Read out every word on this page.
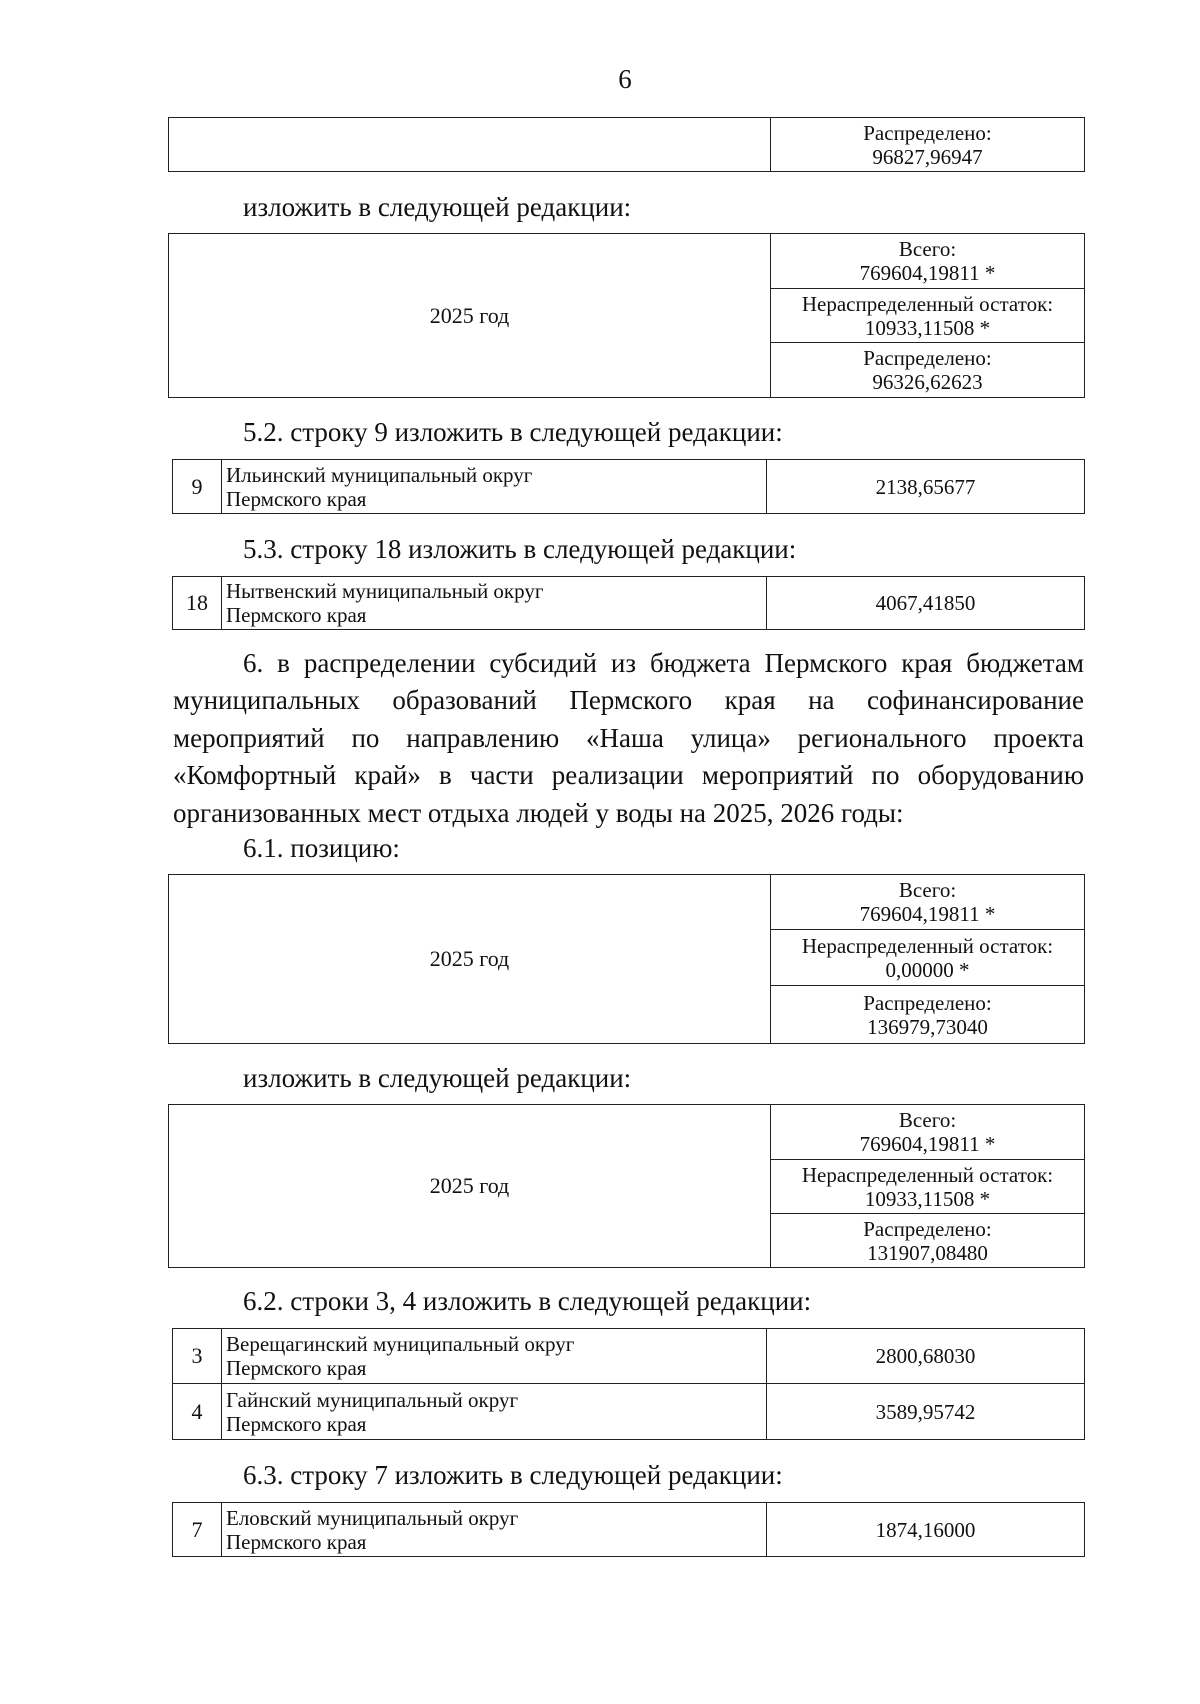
6

Распределено:
96827,96947
изложить в следующей редакции:
2025 год	
Всего:
769604,19811 *

Нераспределенный остаток:
10933,11508 *

Распределено:
96326,62623
5.2. строку 9 изложить в следующей редакции:
9	Ильинский муниципальный округ
Пермского края	2138,65677
5.3. строку 18 изложить в следующей редакции:
18	Нытвенский муниципальный округ
Пермского края	4067,41850
6. в распределении субсидий из бюджета Пермского края бюджетам
муниципальных образований Пермского края на софинансирование
мероприятий по направлению «Наша улица» регионального проекта
«Комфортный край» в части реализации мероприятий по оборудованию
организованных мест отдыха людей у воды на 2025, 2026 годы:
6.1. позицию:
2025 год	
Всего:
769604,19811 *

Нераспределенный остаток:
0,00000 *

Распределено:
136979,73040
изложить в следующей редакции:
2025 год	
Всего:
769604,19811 *

Нераспределенный остаток:
10933,11508 *

Распределено:
131907,08480
6.2. строки 3, 4 изложить в следующей редакции:
3	Верещагинский муниципальный округ
Пермского края	2800,68030
4	Гайнский муниципальный округ
Пермского края	3589,95742
6.3. строку 7 изложить в следующей редакции:
7	Еловский муниципальный округ
Пермского края	1874,16000
